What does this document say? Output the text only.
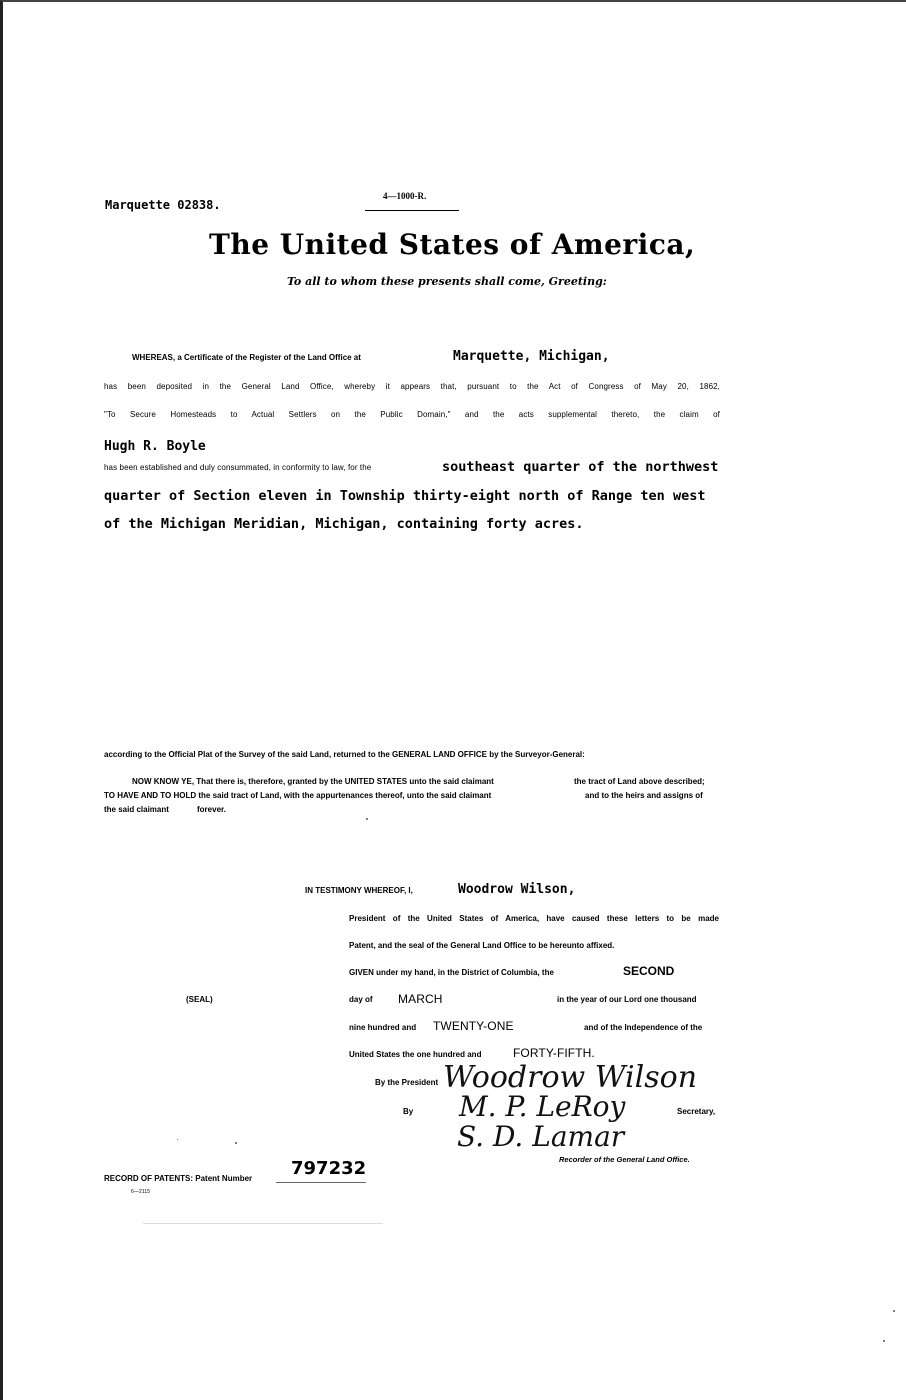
Marquette 02838.
4—1000-R.
The United States of America,
To all to whom these presents shall come, Greeting:
WHEREAS, a Certificate of the Register of the Land Office at	Marquette, Michigan,
has been deposited in the General Land Office, whereby it appears that, pursuant to the Act of Congress of May 20, 1862,
"To Secure Homesteads to Actual Settlers on the Public Domain," and the acts supplemental thereto, the claim of
Hugh R. Boyle
has been established and duly consummated, in conformity to law, for the	southeast quarter of the northwest
quarter of Section eleven in Township thirty-eight north of Range ten west
of the Michigan Meridian, Michigan, containing forty acres.
according to the Official Plat of the Survey of the said Land, returned to the GENERAL LAND OFFICE by the Surveyor-General:
NOW KNOW YE, That there is, therefore, granted by the UNITED STATES unto the said claimant	the tract of Land above described;
TO HAVE AND TO HOLD the said tract of Land, with the appurtenances thereof, unto the said claimant	and to the heirs and assigns of
the said claimant	forever.
IN TESTIMONY WHEREOF, I,	Woodrow Wilson,
President of the United States of America, have caused these letters to be made
Patent, and the seal of the General Land Office to be hereunto affixed.
GIVEN under my hand, in the District of Columbia, the	SECOND
(SEAL)	day of MARCH	in the year of our Lord one thousand
nine hundred and TWENTY-ONE	and of the Independence of the
United States the one hundred and	FORTY-FIFTH.
By the President Woodrow Wilson
By M. P. LeRoy	Secretary,
S. D. Lamar
Recorder of the General Land Office.
RECORD OF PATENTS: Patent Number 797232
6—2115
